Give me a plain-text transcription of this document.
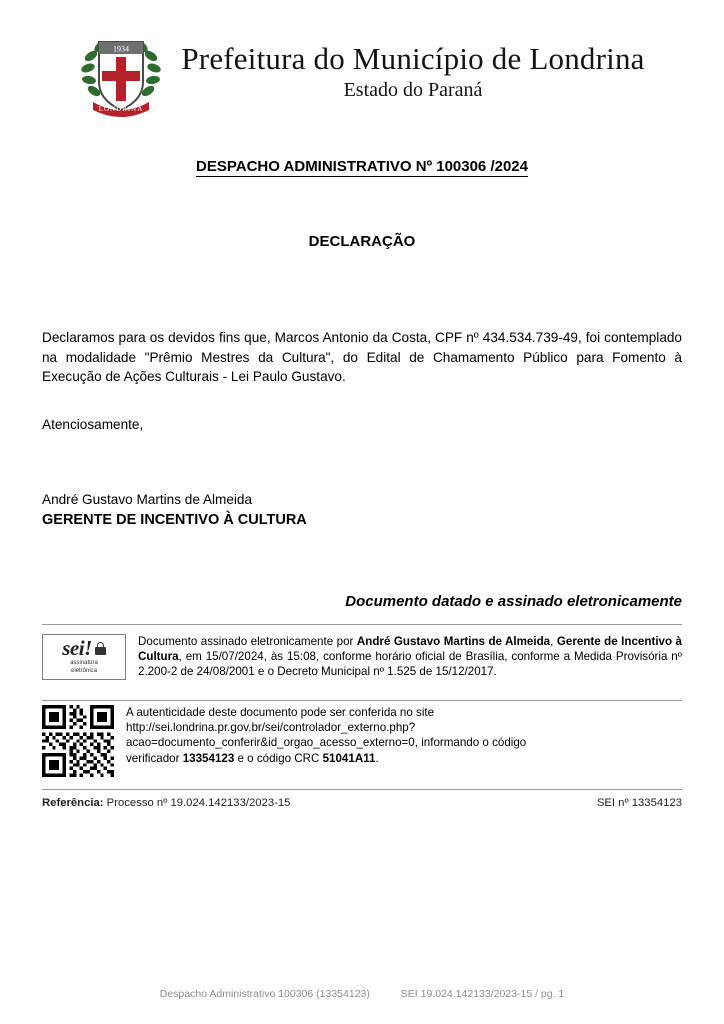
1934
LONDRINA
Prefeitura do Município de Londrina
Estado do Paraná
DESPACHO ADMINISTRATIVO Nº 100306 /2024
DECLARAÇÃO

Declaramos para os devidos fins que, Marcos Antonio da Costa, CPF nº 434.534.739-49, foi contemplado na modalidade "Prêmio Mestres da Cultura", do Edital de Chamamento Público para Fomento à Execução de Ações Culturais - Lei Paulo Gustavo.

Atenciosamente,
André Gustavo Martins de Almeida
GERENTE DE INCENTIVO À CULTURA
Documento datado e assinado eletronicamente
sei!
assinatura
eletrônica
Documento assinado eletronicamente por André Gustavo Martins de Almeida, Gerente de Incentivo à Cultura, em 15/07/2024, às 15:08, conforme horário oficial de Brasília, conforme a Medida Provisória nº 2.200-2 de 24/08/2001 e o Decreto Municipal nº 1.525 de 15/12/2017.
A autenticidade deste documento pode ser conferida no site
http://sei.londrina.pr.gov.br/sei/controlador_externo.php?
acao=documento_conferir&id_orgao_acesso_externo=0, informando o código
verificador 13354123 e o código CRC 51041A11.
Referência: Processo nº 19.024.142133/2023-15	SEI nº 13354123
Despacho Administrativo 100306 (13354123)	SEI 19.024.142133/2023-15 / pg. 1
